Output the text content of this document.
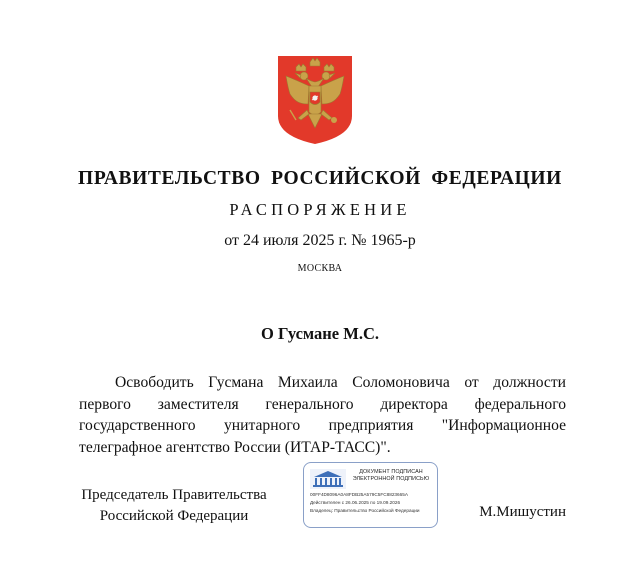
ПРАВИТЕЛЬСТВО РОССИЙСКОЙ ФЕДЕРАЦИИ
РАСПОРЯЖЕНИЕ
от 24 июля 2025 г. № 1965-р
МОСКВА
О Гусмане М.С.
Освободить Гусмана Михаила Соломоновича от должности первого заместителя генерального директора федерального государственного унитарного предприятия "Информационное телеграфное агентство России (ИТАР-ТАСС)".
Председатель Правительства
Российской Федерации
ДОКУМЕНТ ПОДПИСАН
ЭЛЕКТРОННОЙ ПОДПИСЬЮ
00FF4D8096A0A8FDB25A579C5FC8823665A
Действителен с 26.06.2025 по 19.09.2026
Владелец: Правительство Российской Федерации	М.Мишустин
